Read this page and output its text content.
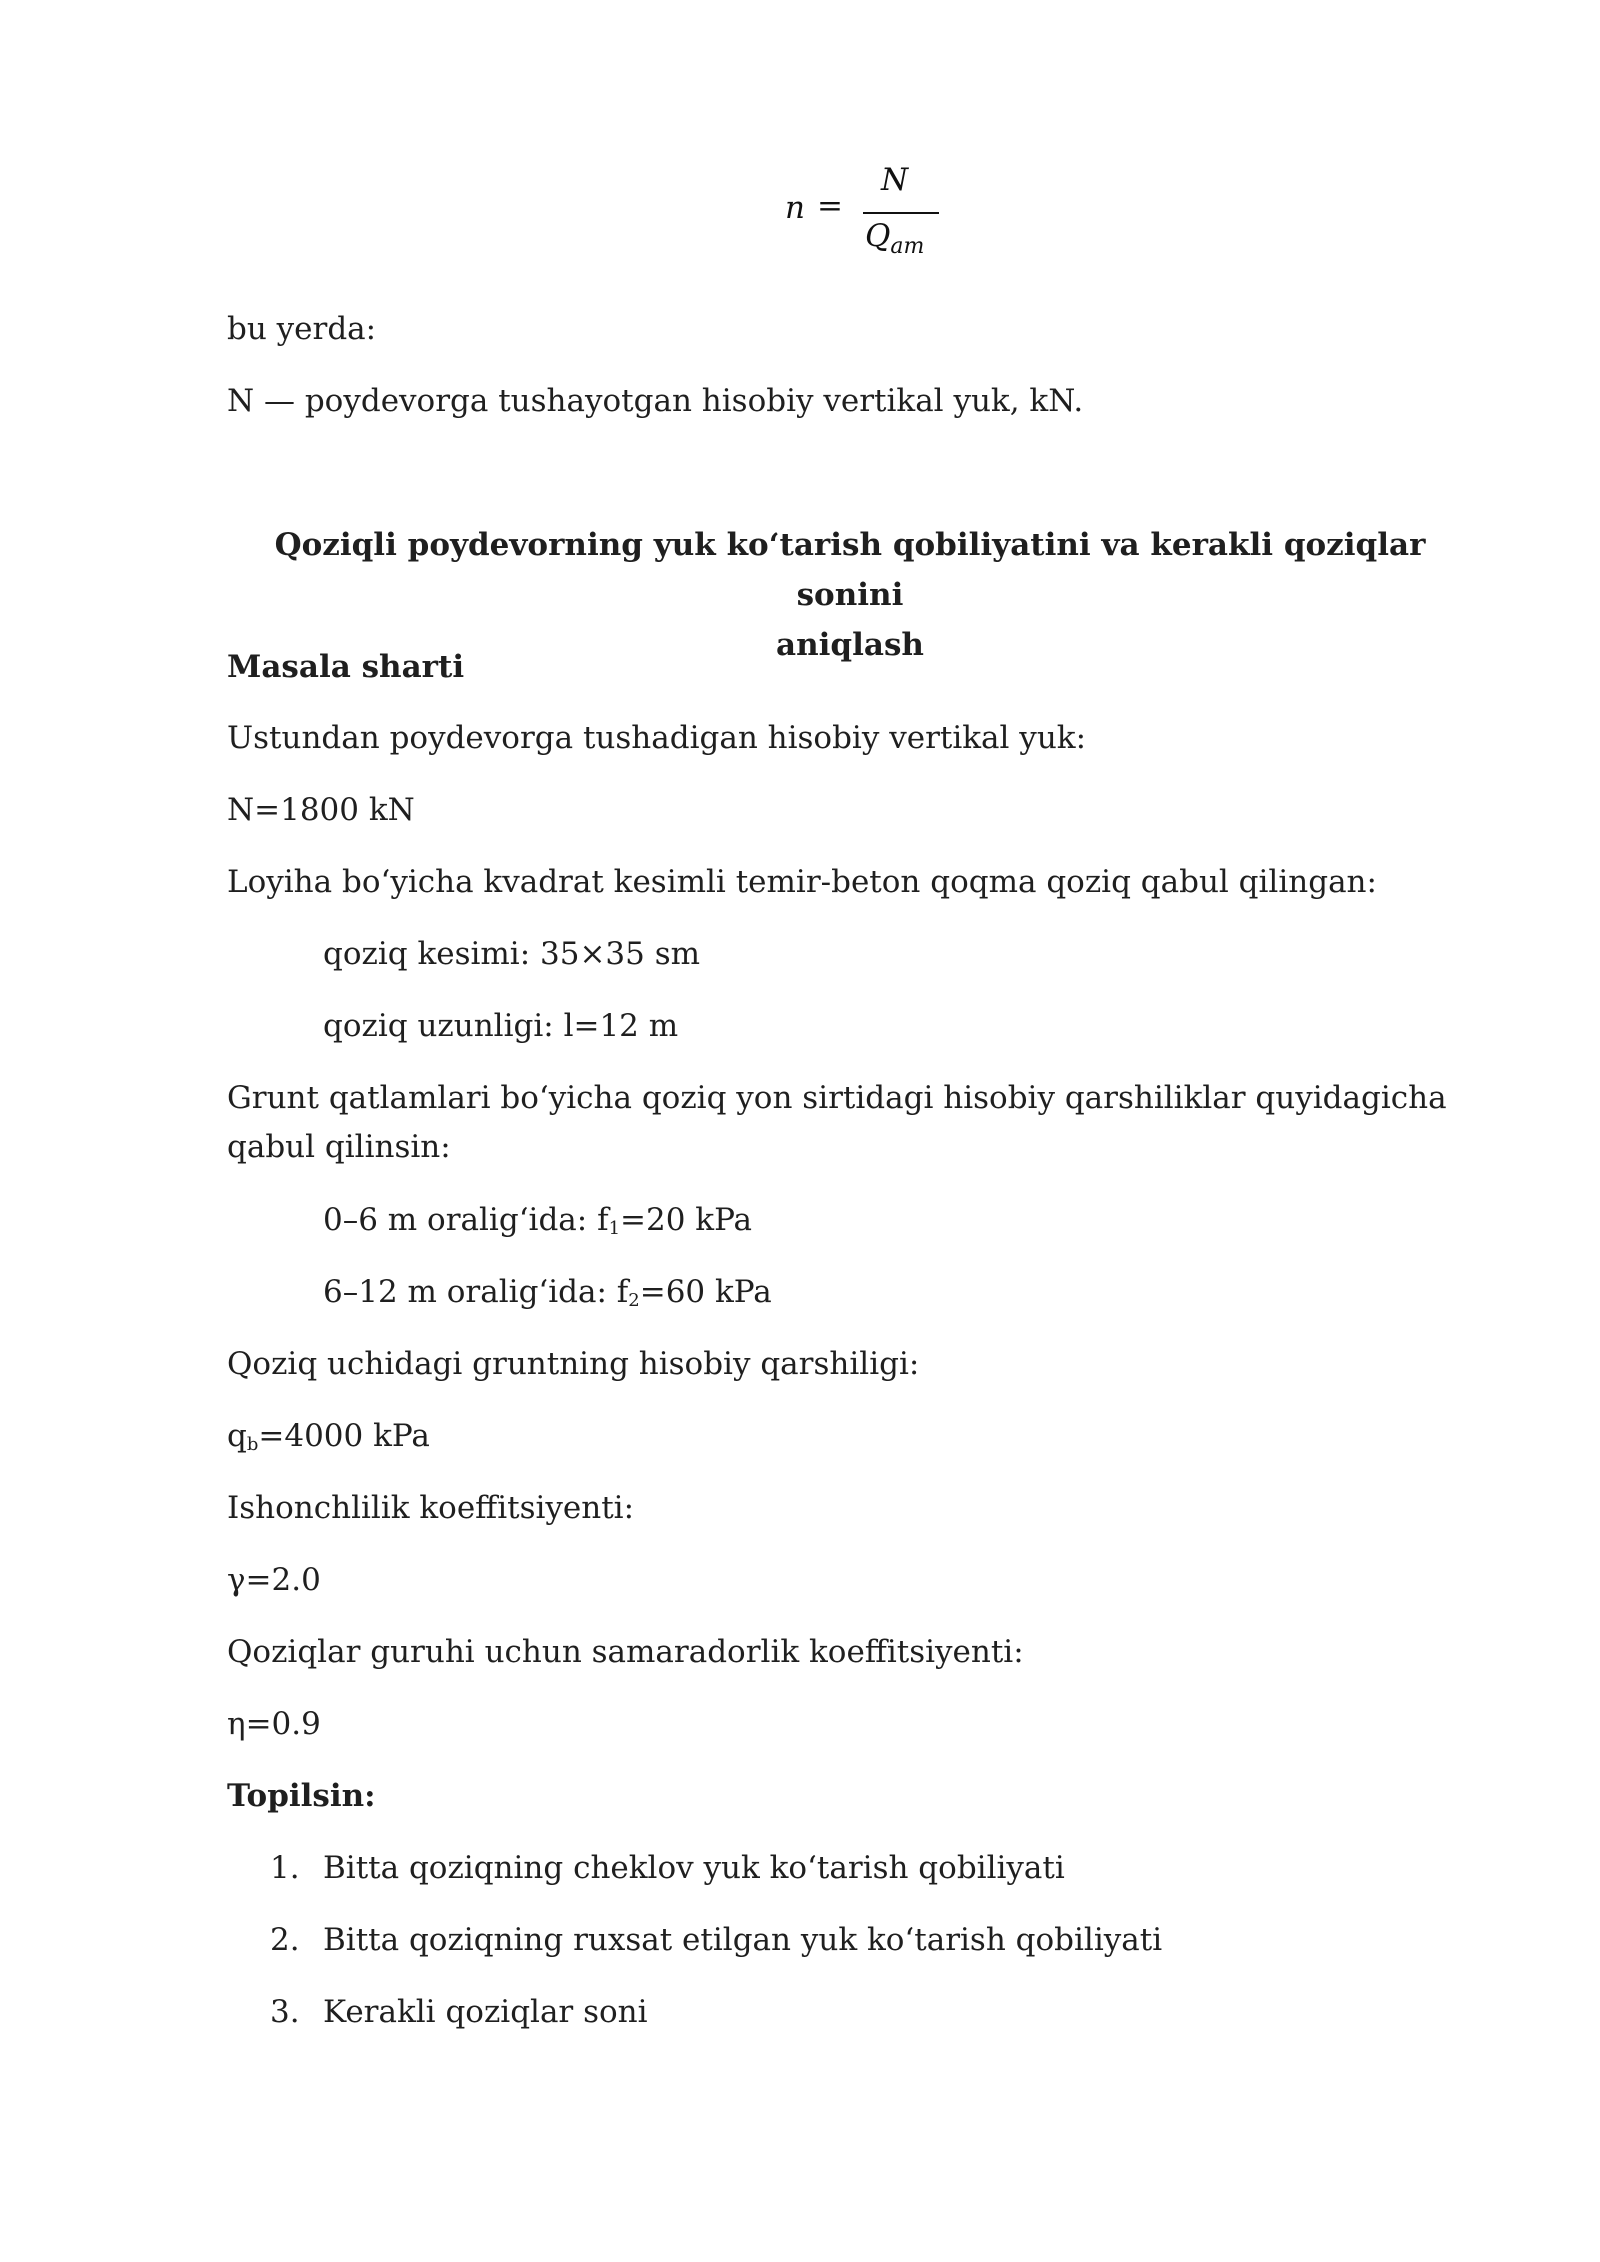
n =
N
$Q_{am}$
bu yerda:
N — poydevorga tushayotgan hisobiy vertikal yuk, kN.
Qoziqli poydevorning yuk ko‘tarish qobiliyatini va kerakli qoziqlar sonini
aniqlash
Masala sharti
Ustundan poydevorga tushadigan hisobiy vertikal yuk:
N=1800 kN
Loyiha bo‘yicha kvadrat kesimli temir-beton qoqma qoziq qabul qilingan:
qoziq kesimi: 35×35 sm
qoziq uzunligi: l=12 m
Grunt qatlamlari bo‘yicha qoziq yon sirtidagi hisobiy qarshiliklar quyidagicha
qabul qilinsin:
0–6 m oralig‘ida: $f_1=20$ kPa
6–12 m oralig‘ida: $f_2=60$ kPa
Qoziq uchidagi gruntning hisobiy qarshiligi:
$q_b=4000$ kPa
Ishonchlilik koeffitsiyenti:
γ=2.0
Qoziqlar guruhi uchun samaradorlik koeffitsiyenti:
η=0.9
Topilsin:
1. Bitta qoziqning cheklov yuk ko‘tarish qobiliyati
2. Bitta qoziqning ruxsat etilgan yuk ko‘tarish qobiliyati
3. Kerakli qoziqlar soni
